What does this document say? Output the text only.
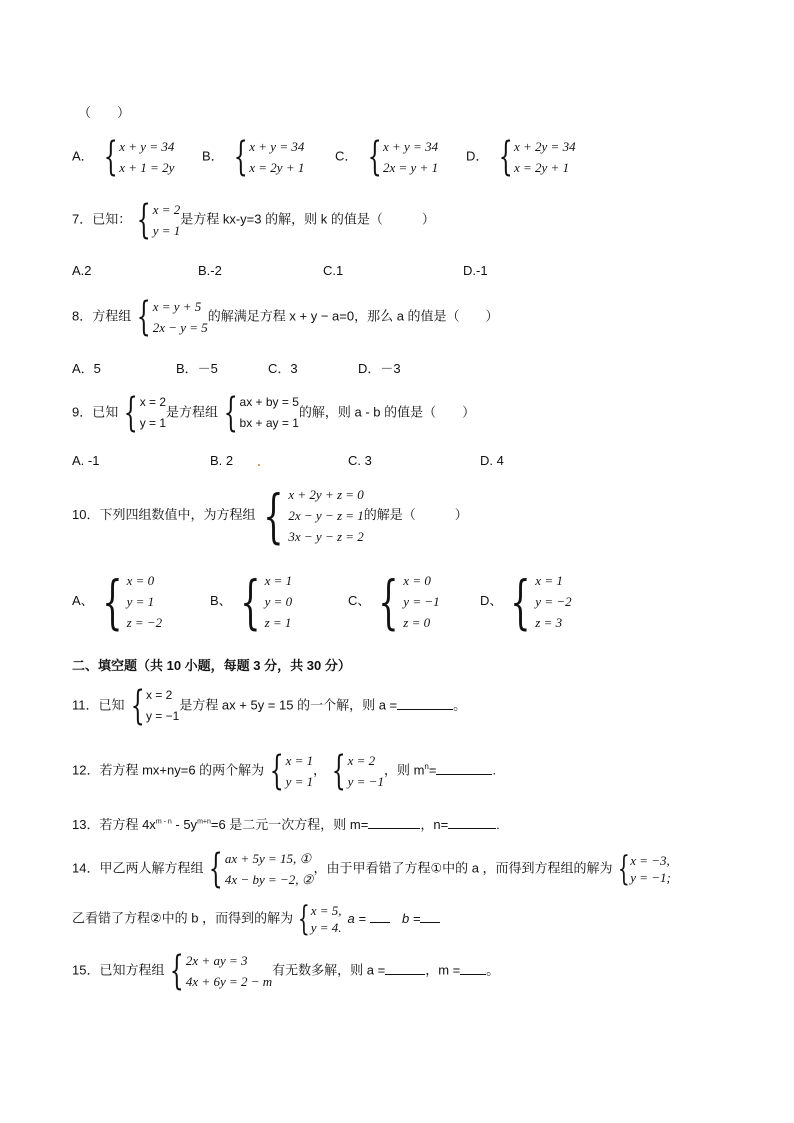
（　　）
A． { x + y = 34
x + 1 = 2y
B． { x + y = 34
x = 2y + 1
C． { x + y = 34
2x = y + 1
D． { x + 2y = 34
x = 2y + 1
7．已知： { x = 2
y = 1
是方程 kx-y=3 的解，则 k 的值是（　　　）
A.2	B.-2	C.1	D.-1
8．方程组 { x = y + 5
2x − y = 5
的解满足方程 x + y − a=0，那么 a 的值是（　　）
A．5	B．－5	C．3	D．－3
9．已知 { x = 2
y = 1
是方程组 { ax + by = 5
bx + ay = 1
的解，则 a - b 的值是（　　）
A. -1	B. 2	C. 3	D. 4
10．下列四组数值中，为方程组 { x + 2y + z = 0
2x − y − z = 1
3x − y − z = 2
的解是（　　　）
A、 { x = 0
y = 1
z = −2
B、 { x = 1
y = 0
z = 1
C、 { x = 0
y = −1
z = 0
D、 { x = 1
y = −2
z = 3
二、填空题（共 10 小题，每题 3 分，共 30 分）
11．已知 { x = 2
y = −1
是方程 ax + 5y = 15 的一个解，则 a =	。
12．若方程 mx+ny=6 的两个解为 { x = 1
y = 1
， { x = 2
y = −1
，则 $m^n=$	.
13．若方程 $4x^{m - n} - 5y^{m+n}=6$ 是二元一次方程，则 m=	，n=	.
14．甲乙两人解方程组 { ax + 5y = 15, ①
4x − by = −2, ②
，由于甲看错了方程①中的 a ，而得到方程组的解为 { x = −3,
y = −1;
乙看错了方程②中的 b ，而得到的解为 { x = 5,
y = 4.
a =	b =
15．已知方程组 { 2x + ay = 3
4x + 6y = 2 − m
有无数多解，则 a =	，m = 。
